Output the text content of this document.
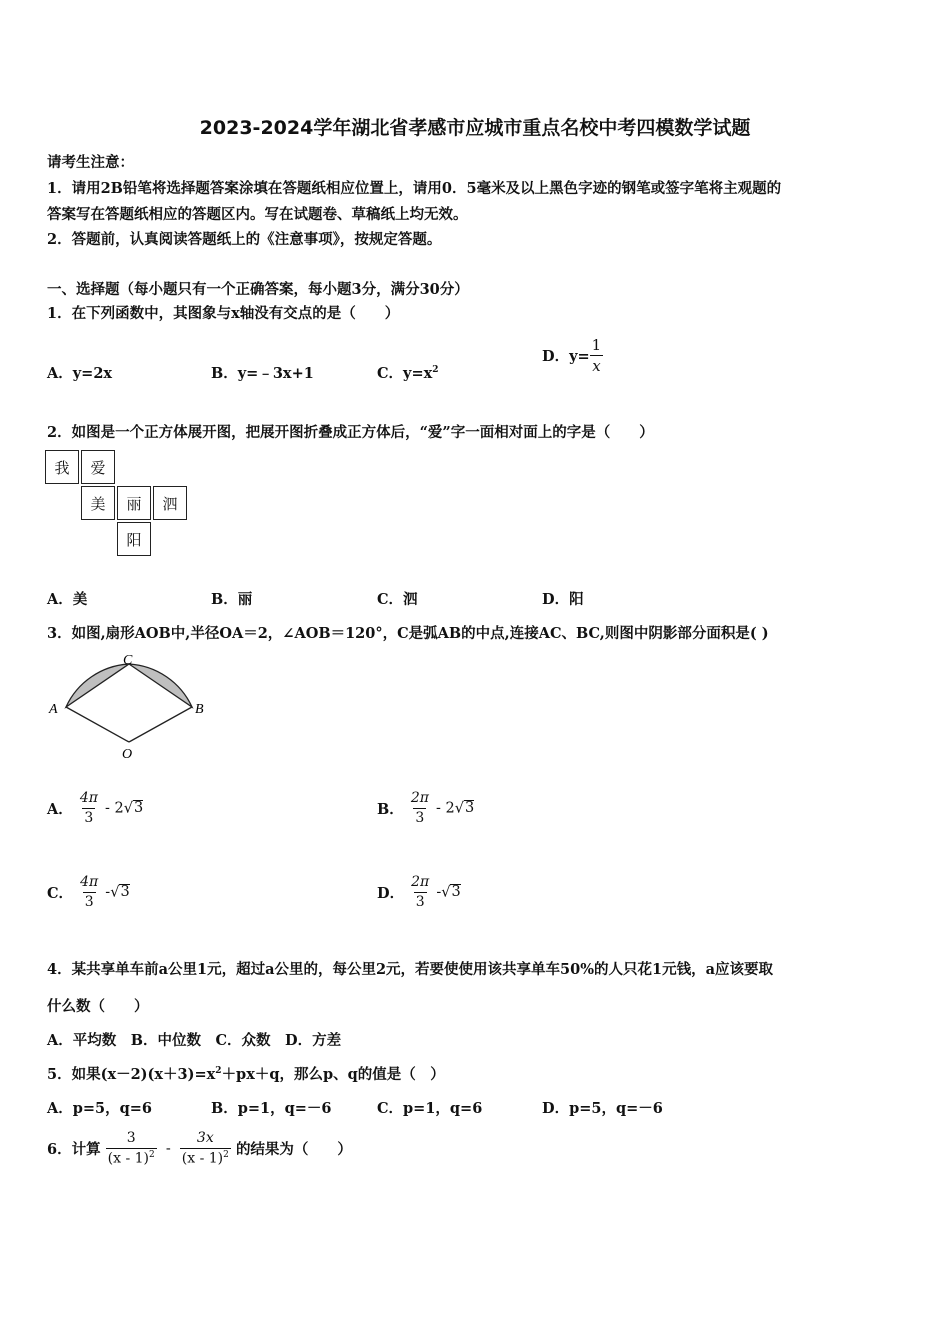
2023-2024学年湖北省孝感市应城市重点名校中考四模数学试题
请考生注意：
1．请用2B铅笔将选择题答案涂填在答题纸相应位置上，请用0．5毫米及以上黑色字迹的钢笔或签字笔将主观题的
答案写在答题纸相应的答题区内。写在试题卷、草稿纸上均无效。
2．答题前，认真阅读答题纸上的《注意事项》，按规定答题。
一、选择题（每小题只有一个正确答案，每小题3分，满分30分）
1．在下列函数中，其图象与x轴没有交点的是（　　）
A．y=2x	B．y=﹣3x+1	C．$y=x^2$
D．$y= \frac{1}{x}$
2．如图是一个正方体展开图，把展开图折叠成正方体后，“爱”字一面相对面上的字是（　　）
我	爱
美	丽	泗
阳
A．美	B．丽	C．泗	D．阳
3．如图,扇形AOB中,半径OA＝2，∠AOB＝120°，C是弧AB的中点,连接AC、BC,则图中阴影部分面积是( )
A	B
C
O
A． $\frac{4\pi}{3} - 2√3$	B． $\frac{2\pi}{3} - 2√3$
C． $\frac{4\pi}{3} -√3$	D． $\frac{2\pi}{3} -√3$
4．某共享单车前a公里1元，超过a公里的，每公里2元，若要使使用该共享单车50%的人只花1元钱，a应该要取
什么数（　　）
A．平均数　B．中位数　C．众数　D．方差
5．如果$(x-2)(x+3)=x^2+px+q$，那么p、q的值是（　）
A．p=5，q=6	B．p=1，q=－6	C．p=1，q=6	D．p=5，q=－6
6．计算 $\frac{3}{(x - 1)^2} - \frac{3x}{(x - 1)^2}$ 的结果为（　　）
